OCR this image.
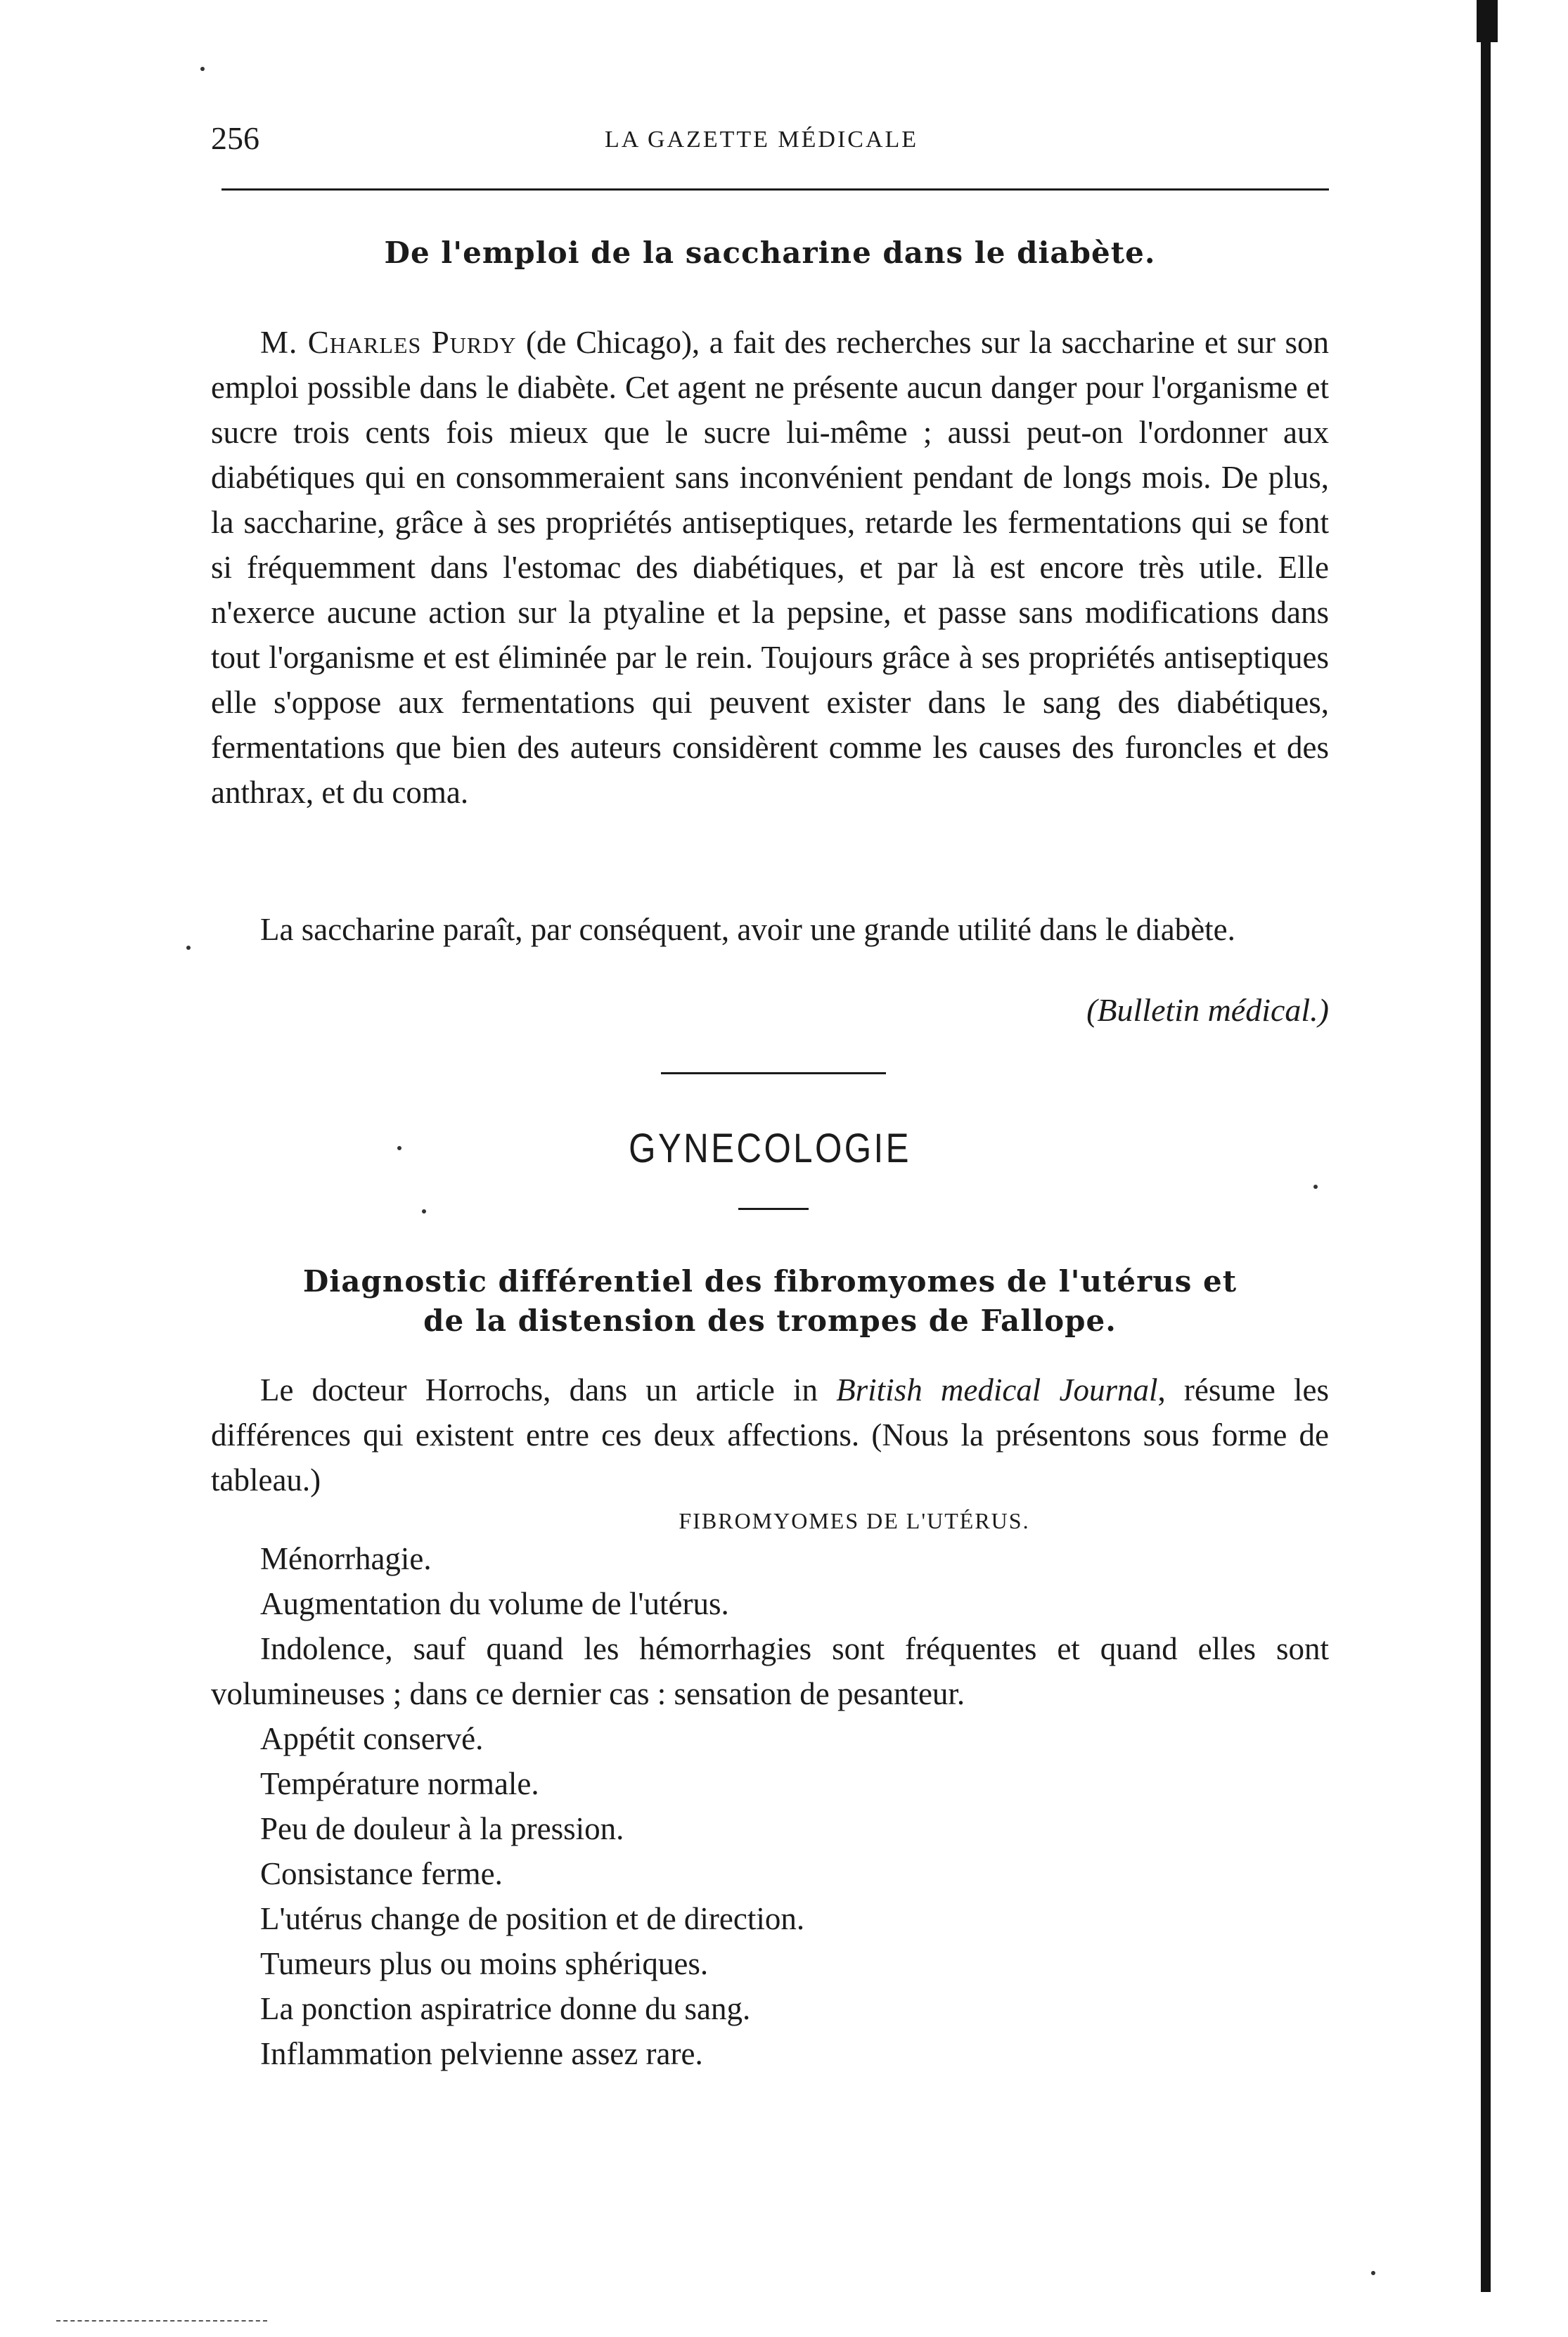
256	LA GAZETTE MÉDICALE
De l'emploi de la saccharine dans le diabète.
M. Charles Purdy (de Chicago), a fait des recherches sur la saccharine et sur son emploi possible dans le diabète. Cet agent ne présente aucun danger pour l'organisme et sucre trois cents fois mieux que le sucre lui-même ; aussi peut-on l'ordonner aux diabétiques qui en consommeraient sans inconvénient pendant de longs mois. De plus, la saccharine, grâce à ses propriétés antiseptiques, retarde les fermentations qui se font si fréquemment dans l'estomac des diabétiques, et par là est encore très utile. Elle n'exerce aucune action sur la ptyaline et la pepsine, et passe sans modifications dans tout l'organisme et est éliminée par le rein. Toujours grâce à ses propriétés antiseptiques elle s'oppose aux fermentations qui peuvent exister dans le sang des diabétiques, fermentations que bien des auteurs considèrent comme les causes des furoncles et des anthrax, et du coma.
La saccharine paraît, par conséquent, avoir une grande utilité dans le diabète.
(Bulletin médical.)
GYNECOLOGIE
Diagnostic différentiel des fibromyomes de l'utérus et
de la distension des trompes de Fallope.
Le docteur Horrochs, dans un article in British medical Journal, résume les différences qui existent entre ces deux affections. (Nous la présentons sous forme de tableau.)
FIBROMYOMES DE L'UTÉRUS.
Ménorrhagie.
Augmentation du volume de l'utérus.
Indolence, sauf quand les hémorrhagies sont fréquentes et quand elles sont volumineuses ; dans ce dernier cas : sensation de pesanteur.
Appétit conservé.
Température normale.
Peu de douleur à la pression.
Consistance ferme.
L'utérus change de position et de direction.
Tumeurs plus ou moins sphériques.
La ponction aspiratrice donne du sang.
Inflammation pelvienne assez rare.
